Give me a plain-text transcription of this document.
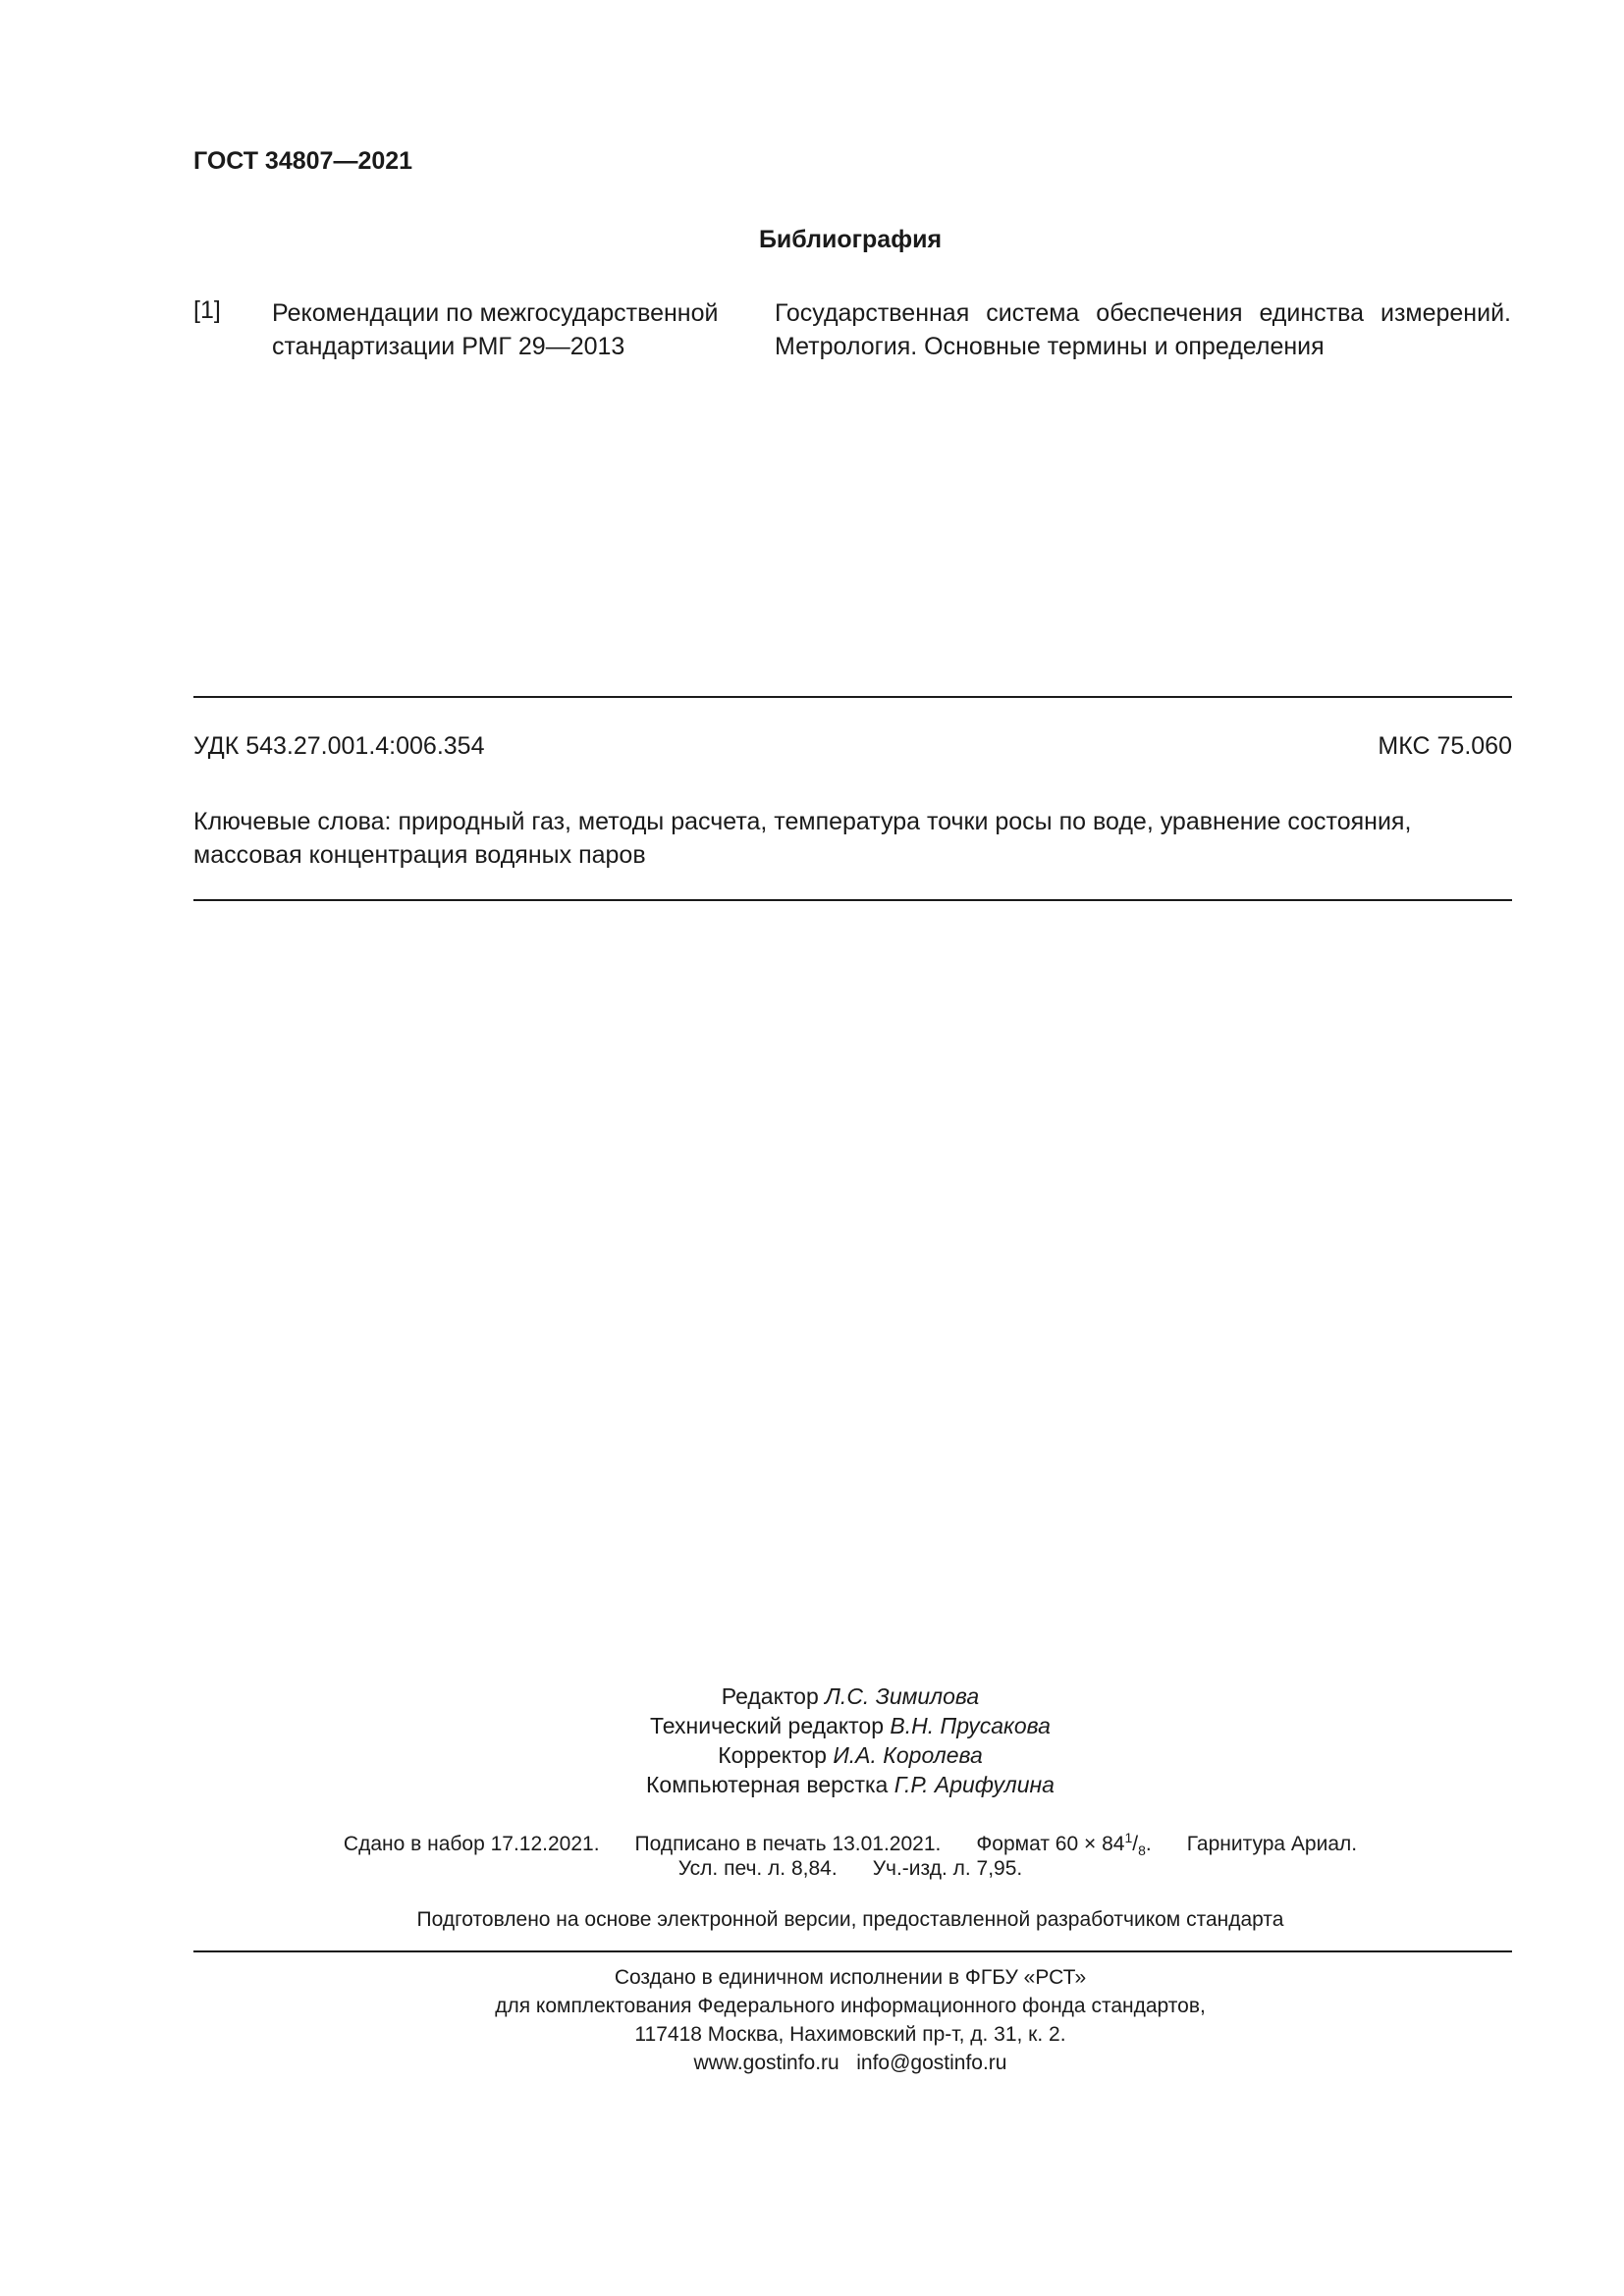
ГОСТ 34807—2021
Библиография
[1] Рекомендации по межгосударственной стандартизации РМГ 29—2013
Государственная система обеспечения единства измерений. Метрология. Основные термины и определения
УДК 543.27.001.4:006.354	МКС 75.060
Ключевые слова: природный газ, методы расчета, температура точки росы по воде, уравнение состояния, массовая концентрация водяных паров
Редактор Л.С. Зимилова
Технический редактор В.Н. Прусакова
Корректор И.А. Королева
Компьютерная верстка Г.Р. Арифулина
Сдано в набор 17.12.2021. Подписано в печать 13.01.2021. Формат $60 \times 84^1/_8$. Гарнитура Ариал.
Усл. печ. л. 8,84. Уч.-изд. л. 7,95.
Подготовлено на основе электронной версии, предоставленной разработчиком стандарта
Создано в единичном исполнении в ФГБУ «РСТ»
для комплектования Федерального информационного фонда стандартов,
117418 Москва, Нахимовский пр-т, д. 31, к. 2.
www.gostinfo.ru info@gostinfo.ru
